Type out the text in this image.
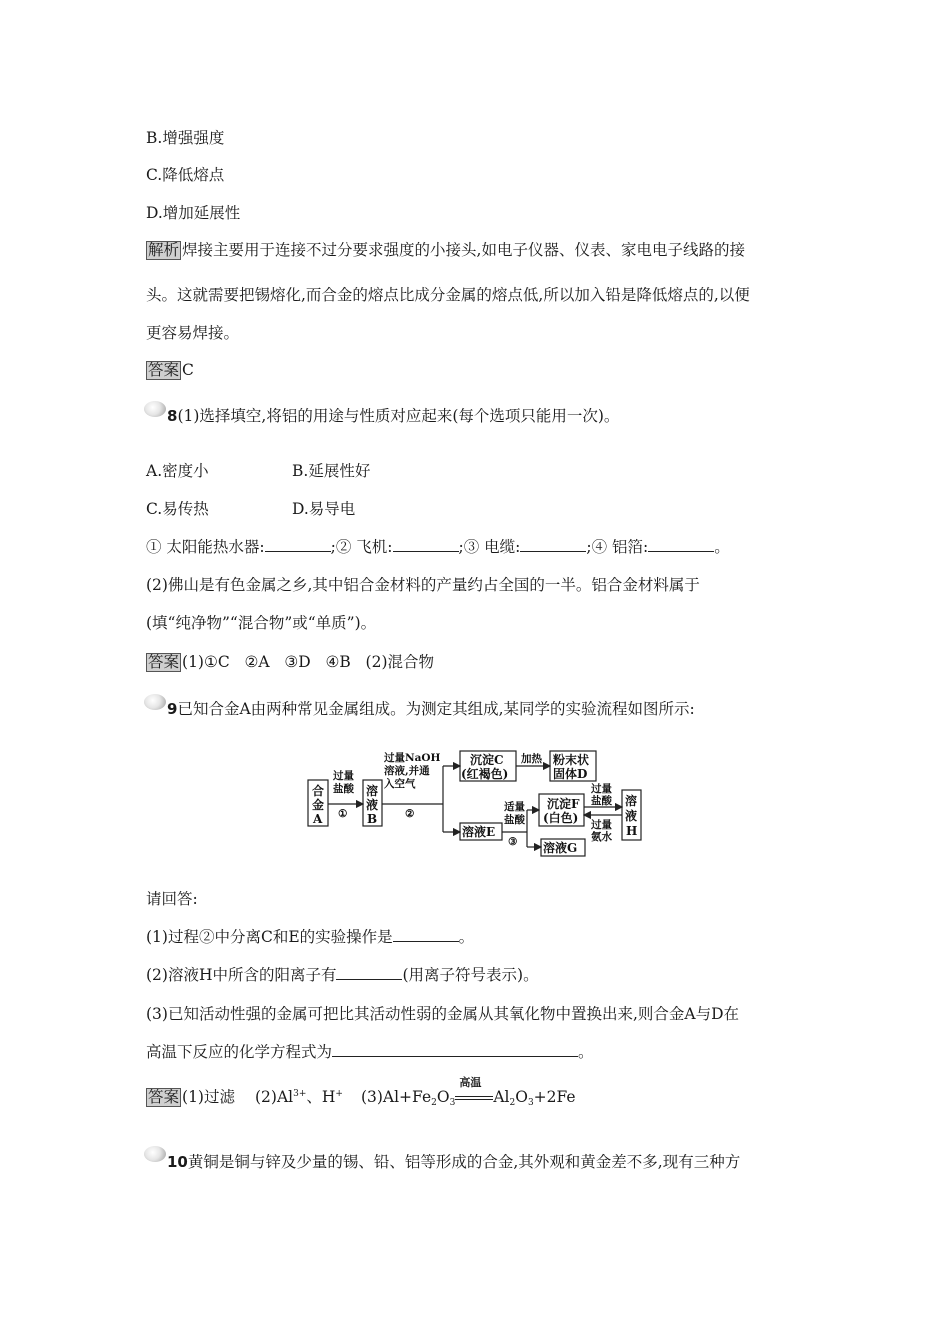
B.增强强度
C.降低熔点
D.增加延展性
解析 焊接主要用于连接不过分要求强度的小接头,如电子仪器、仪表、家电电子线路的接
头。这就需要把锡熔化,而合金的熔点比成分金属的熔点低,所以加入铅是降低熔点的,以便
更容易焊接。
答案 C
8(1)选择填空,将铝的用途与性质对应起来(每个选项只能用一次)。
A.密度小	B.延展性好
C.易传热	D.易导电
① 太阳能热水器:	;② 飞机:	;③ 电缆:	;④ 铝箔:	。
(2)佛山是有色金属之乡,其中铝合金材料的产量约占全国的一半。铝合金材料属于
(填“纯净物”“混合物”或“单质”)。
答案 (1)①C   ②A   ③D   ④B   (2)混合物
9已知合金A由两种常见金属组成。为测定其组成,某同学的实验流程如图所示:
合
金
A
溶
液
B
沉淀C
(红褐色)
粉末状
固体D
溶液E
沉淀F
(白色)
溶
液
H
溶液G
过量
盐酸
①
过量NaOH
溶液,并通
入空气
②
加热
适量
盐酸
③
过量
盐酸
过量
氨水
请回答:
(1)过程②中分离C和E的实验操作是	。
(2)溶液H中所含的阳离子有	(用离子符号表示)。
(3)已知活动性强的金属可把比其活动性弱的金属从其氧化物中置换出来,则合金A与D在
高温下反应的化学方程式为	。
答案 (1)过滤 $(2)Al^{3+}$、H+ $(3)Al+Fe_2O_3$
高温
$Al_2O_3+2Fe$
10黄铜是铜与锌及少量的锡、铅、铝等形成的合金,其外观和黄金差不多,现有三种方
